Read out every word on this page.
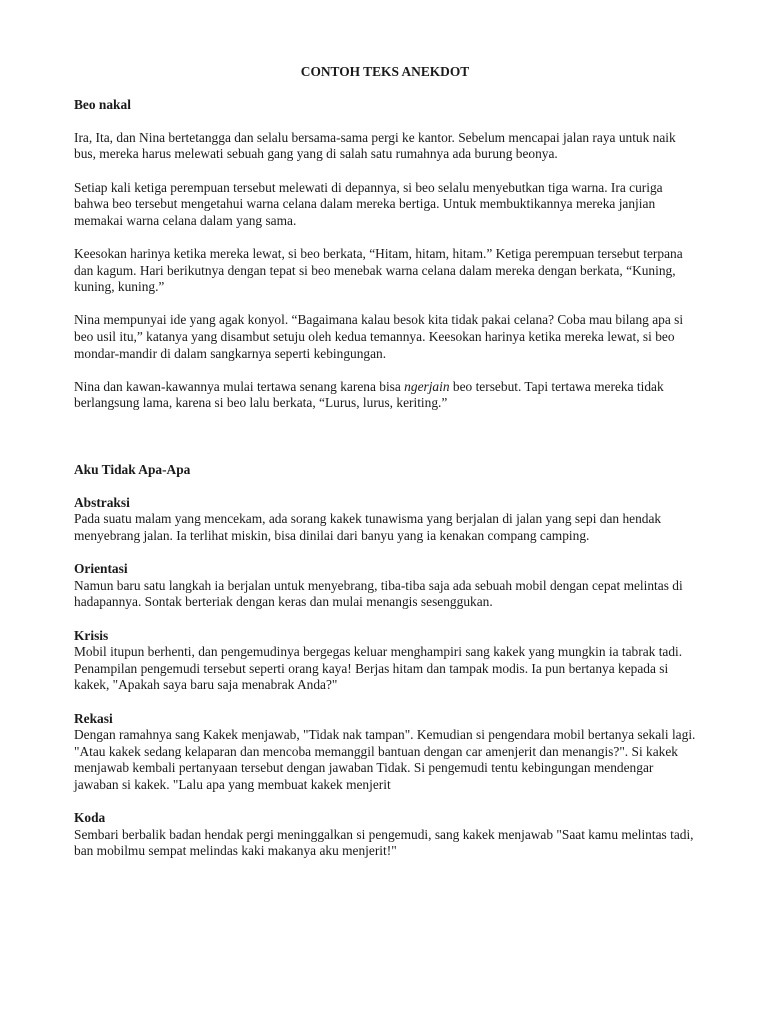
CONTOH TEKS ANEKDOT

Beo nakal

Ira, Ita, dan Nina bertetangga dan selalu bersama-sama pergi ke kantor. Sebelum mencapai jalan raya untuk naik bus, mereka harus melewati sebuah gang yang di salah satu rumahnya ada burung beonya.

Setiap kali ketiga perempuan tersebut melewati di depannya, si beo selalu menyebutkan tiga warna. Ira curiga bahwa beo tersebut mengetahui warna celana dalam mereka bertiga. Untuk membuktikannya mereka janjian memakai warna celana dalam yang sama.

Keesokan harinya ketika mereka lewat, si beo berkata, “Hitam, hitam, hitam.” Ketiga perempuan tersebut terpana dan kagum. Hari berikutnya dengan tepat si beo menebak warna celana dalam mereka dengan berkata, “Kuning, kuning, kuning.”

Nina mempunyai ide yang agak konyol. “Bagaimana kalau besok kita tidak pakai celana? Coba mau bilang apa si beo usil itu,” katanya yang disambut setuju oleh kedua temannya. Keesokan harinya ketika mereka lewat, si beo mondar-mandir di dalam sangkarnya seperti kebingungan.

Nina dan kawan-kawannya mulai tertawa senang karena bisa ngerjain beo tersebut. Tapi tertawa mereka tidak berlangsung lama, karena si beo lalu berkata, “Lurus, lurus, keriting.”

Aku Tidak Apa-Apa

Abstraksi

Pada suatu malam yang mencekam, ada sorang kakek tunawisma yang berjalan di jalan yang sepi dan hendak menyebrang jalan. Ia terlihat miskin, bisa dinilai dari banyu yang ia kenakan compang camping.

Orientasi

Namun baru satu langkah ia berjalan untuk menyebrang, tiba-tiba saja ada sebuah mobil dengan cepat melintas di hadapannya. Sontak berteriak dengan keras dan mulai menangis sesenggukan.

Krisis

Mobil itupun berhenti, dan pengemudinya bergegas keluar menghampiri sang kakek yang mungkin ia tabrak tadi. Penampilan pengemudi tersebut seperti orang kaya! Berjas hitam dan tampak modis. Ia pun bertanya kepada si kakek, "Apakah saya baru saja menabrak Anda?"

Rekasi

Dengan ramahnya sang Kakek menjawab, "Tidak nak tampan". Kemudian si pengendara mobil bertanya sekali lagi. "Atau kakek sedang kelaparan dan mencoba memanggil bantuan dengan car amenjerit dan menangis?". Si kakek menjawab kembali pertanyaan tersebut dengan jawaban Tidak. Si pengemudi tentu kebingungan mendengar jawaban si kakek. "Lalu apa yang membuat kakek menjerit

Koda

Sembari berbalik badan hendak pergi meninggalkan si pengemudi, sang kakek menjawab "Saat kamu melintas tadi, ban mobilmu sempat melindas kaki makanya aku menjerit!"
